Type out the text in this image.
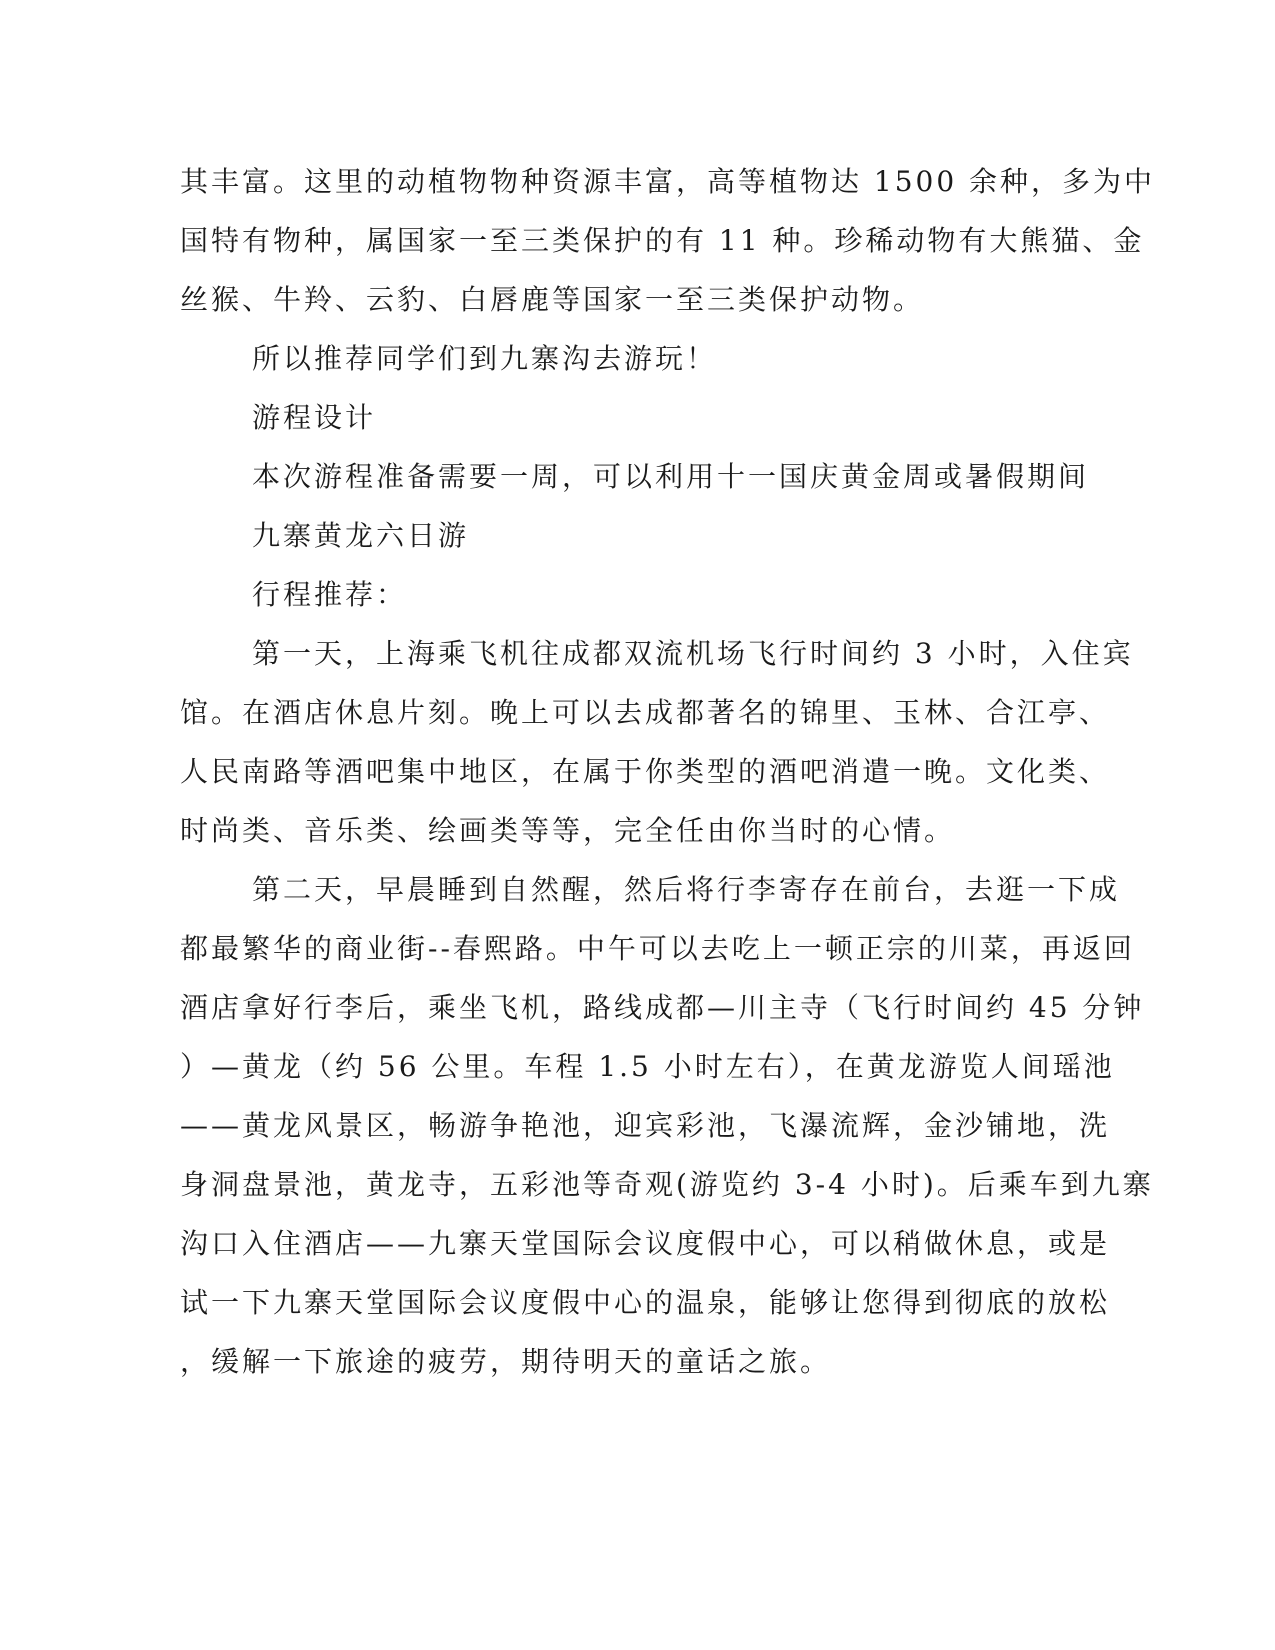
其丰富。这里的动植物物种资源丰富，高等植物达 1500 余种，多为中
国特有物种，属国家一至三类保护的有 11 种。珍稀动物有大熊猫、金
丝猴、牛羚、云豹、白唇鹿等国家一至三类保护动物。
所以推荐同学们到九寨沟去游玩！
游程设计
本次游程准备需要一周，可以利用十一国庆黄金周或暑假期间
九寨黄龙六日游
行程推荐：
第一天，上海乘飞机往成都双流机场飞行时间约 3 小时，入住宾
馆。在酒店休息片刻。晚上可以去成都著名的锦里、玉林、合江亭、
人民南路等酒吧集中地区，在属于你类型的酒吧消遣一晚。文化类、
时尚类、音乐类、绘画类等等，完全任由你当时的心情。
第二天，早晨睡到自然醒，然后将行李寄存在前台，去逛一下成
都最繁华的商业街--春熙路。中午可以去吃上一顿正宗的川菜，再返回
酒店拿好行李后，乘坐飞机，路线成都—川主寺（飞行时间约 45 分钟
）—黄龙（约 56 公里。车程 1.5 小时左右），在黄龙游览人间瑶池
——黄龙风景区，畅游争艳池，迎宾彩池，飞瀑流辉，金沙铺地，洗
身洞盘景池，黄龙寺，五彩池等奇观(游览约 3-4 小时)。后乘车到九寨
沟口入住酒店——九寨天堂国际会议度假中心，可以稍做休息，或是
试一下九寨天堂国际会议度假中心的温泉，能够让您得到彻底的放松
，缓解一下旅途的疲劳，期待明天的童话之旅。
